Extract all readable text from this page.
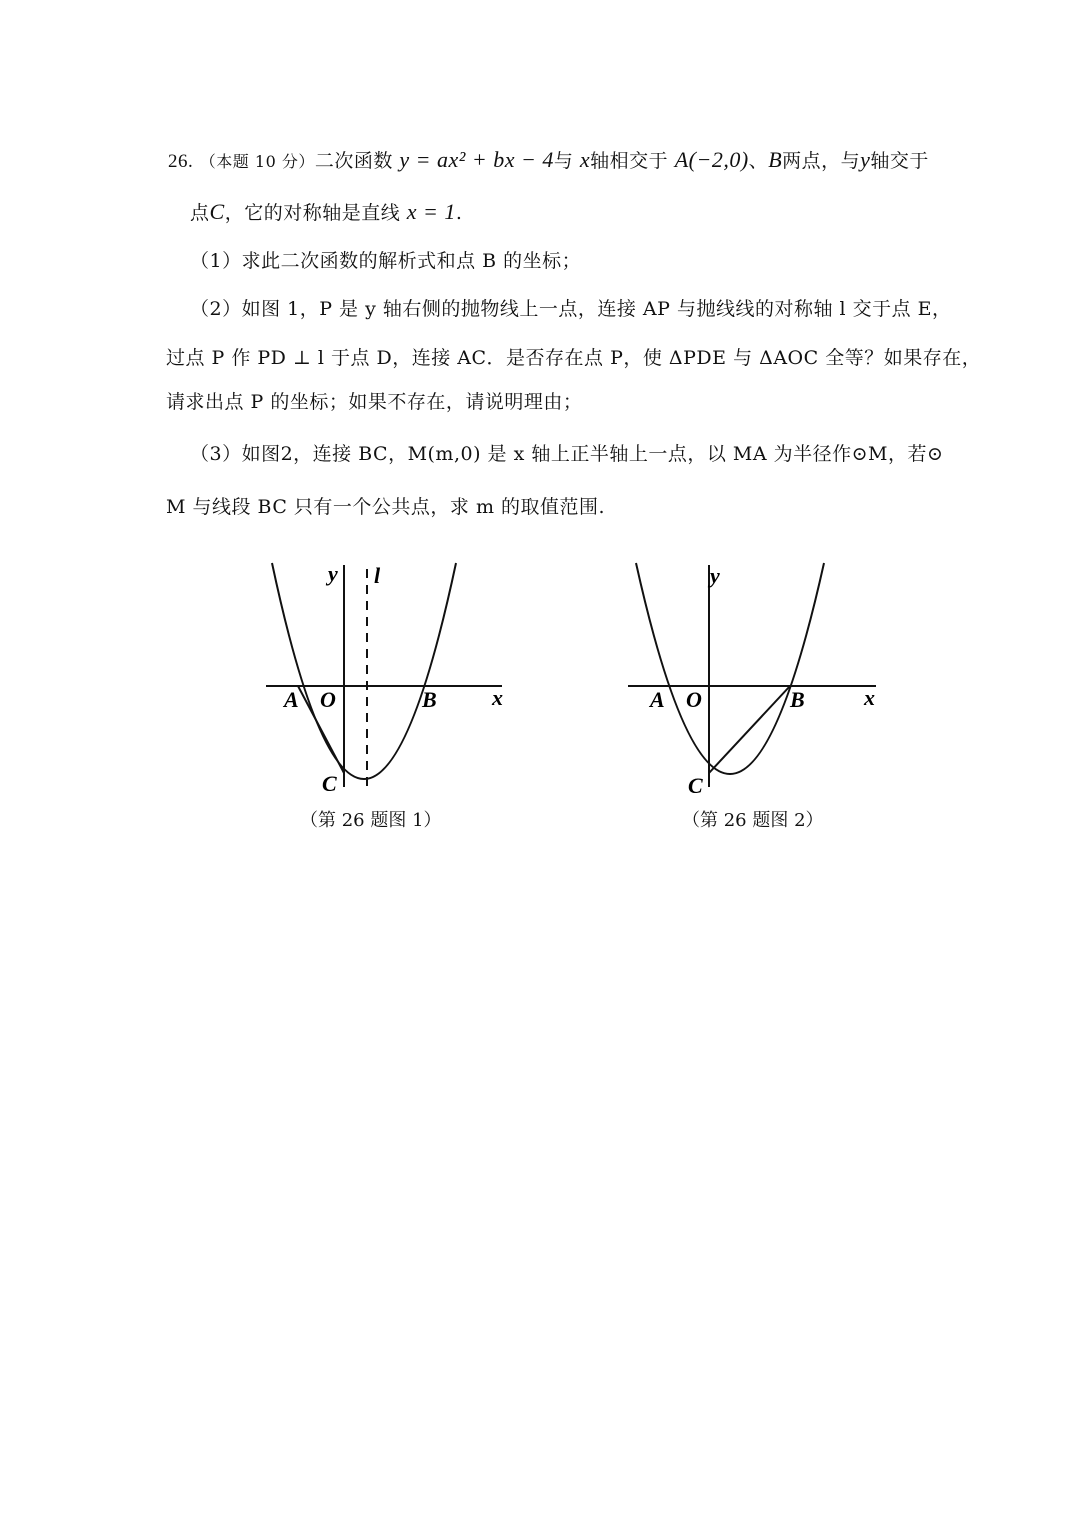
26. （本题 10 分）二次函数 y = ax² + bx − 4与 x轴相交于 A(−2,0)、B两点，与y轴交于
点C，它的对称轴是直线 x = 1.
（1）求此二次函数的解析式和点 B 的坐标；
（2）如图 1，P 是 y 轴右侧的抛物线上一点，连接 AP 与抛线线的对称轴 l 交于点 E，
过点 P 作 PD ⊥ l 于点 D，连接 AC．是否存在点 P，使 ΔPDE 与 ΔAOC 全等？如果存在，
请求出点 P 的坐标；如果不存在，请说明理由；
（3）如图2，连接 BC，M(m,0) 是 x 轴上正半轴上一点，以 MA 为半径作⊙M，若⊙
M 与线段 BC 只有一个公共点，求 m 的取值范围.
y l
A O	B	x
C
（第 26 题图 1）
y
A O	B	x
C
（第 26 题图 2）
